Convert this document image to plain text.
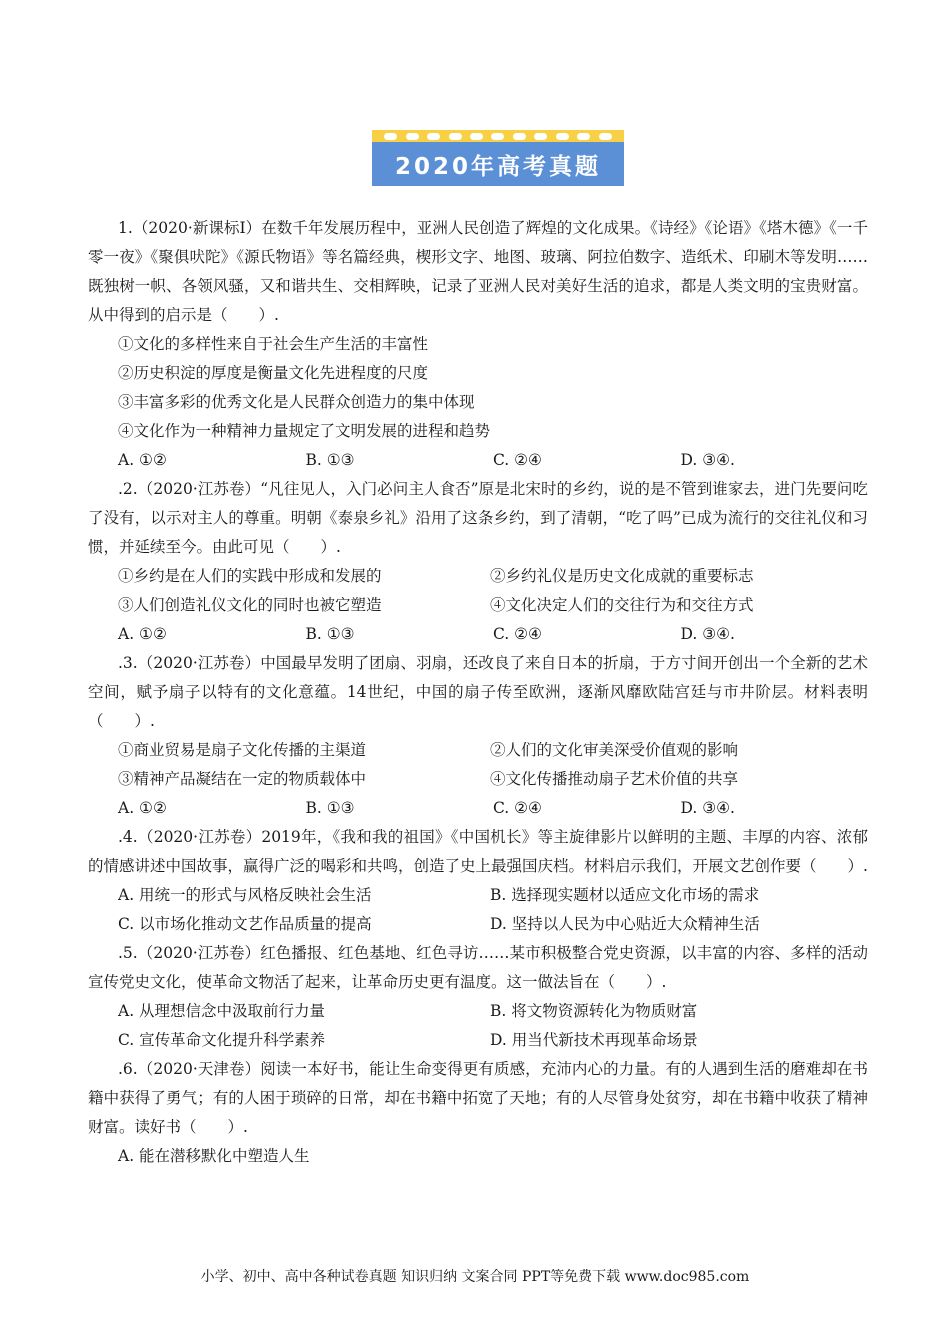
2020年高考真题
1.（2020·新课标Ⅰ）在数千年发展历程中，亚洲人民创造了辉煌的文化成果。《诗经》《论语》《塔木德》《一千零一夜》《聚俱吠陀》《源氏物语》等名篇经典，楔形文字、地图、玻璃、阿拉伯数字、造纸术、印刷木等发明……既独树一帜、各领风骚，又和谐共生、交相辉映，记录了亚洲人民对美好生活的追求，都是人类文明的宝贵财富。从中得到的启示是（　　）.
①文化的多样性来自于社会生产生活的丰富性
②历史积淀的厚度是衡量文化先进程度的尺度
③丰富多彩的优秀文化是人民群众创造力的集中体现
④文化作为一种精神力量规定了文明发展的进程和趋势
A. ①②	B. ①③	C. ②④	D. ③④.
.2.（2020·江苏卷）“凡往见人，入门必问主人食否”原是北宋时的乡约，说的是不管到谁家去，进门先要问吃了没有，以示对主人的尊重。明朝《泰泉乡礼》沿用了这条乡约，到了清朝，“吃了吗”已成为流行的交往礼仪和习惯，并延续至今。由此可见（　　）.
①乡约是在人们的实践中形成和发展的	②乡约礼仪是历史文化成就的重要标志
③人们创造礼仪文化的同时也被它塑造	④文化决定人们的交往行为和交往方式
A. ①②	B. ①③	C. ②④	D. ③④.
.3.（2020·江苏卷）中国最早发明了团扇、羽扇，还改良了来自日本的折扇，于方寸间开创出一个全新的艺术空间，赋予扇子以特有的文化意蕴。14世纪，中国的扇子传至欧洲，逐渐风靡欧陆宫廷与市井阶层。材料表明（　　）.
①商业贸易是扇子文化传播的主渠道	②人们的文化审美深受价值观的影响
③精神产品凝结在一定的物质载体中	④文化传播推动扇子艺术价值的共享
A. ①②	B. ①③	C. ②④	D. ③④.
.4.（2020·江苏卷）2019年，《我和我的祖国》《中国机长》等主旋律影片以鲜明的主题、丰厚的内容、浓郁的情感讲述中国故事，赢得广泛的喝彩和共鸣，创造了史上最强国庆档。材料启示我们，开展文艺创作要（　　）.
A. 用统一的形式与风格反映社会生活	B. 选择现实题材以适应文化市场的需求
C. 以市场化推动文艺作品质量的提高	D. 坚持以人民为中心贴近大众精神生活
.5.（2020·江苏卷）红色播报、红色基地、红色寻访……某市积极整合党史资源，以丰富的内容、多样的活动宣传党史文化，使革命文物活了起来，让革命历史更有温度。这一做法旨在（　　）.
A. 从理想信念中汲取前行力量	B. 将文物资源转化为物质财富
C. 宣传革命文化提升科学素养	D. 用当代新技术再现革命场景
.6.（2020·天津卷）阅读一本好书，能让生命变得更有质感，充沛内心的力量。有的人遇到生活的磨难却在书籍中获得了勇气；有的人困于琐碎的日常，却在书籍中拓宽了天地；有的人尽管身处贫穷，却在书籍中收获了精神财富。读好书（　　）.
A. 能在潜移默化中塑造人生
小学、初中、高中各种试卷真题 知识归纳 文案合同 PPT等免费下载 www.doc985.com
